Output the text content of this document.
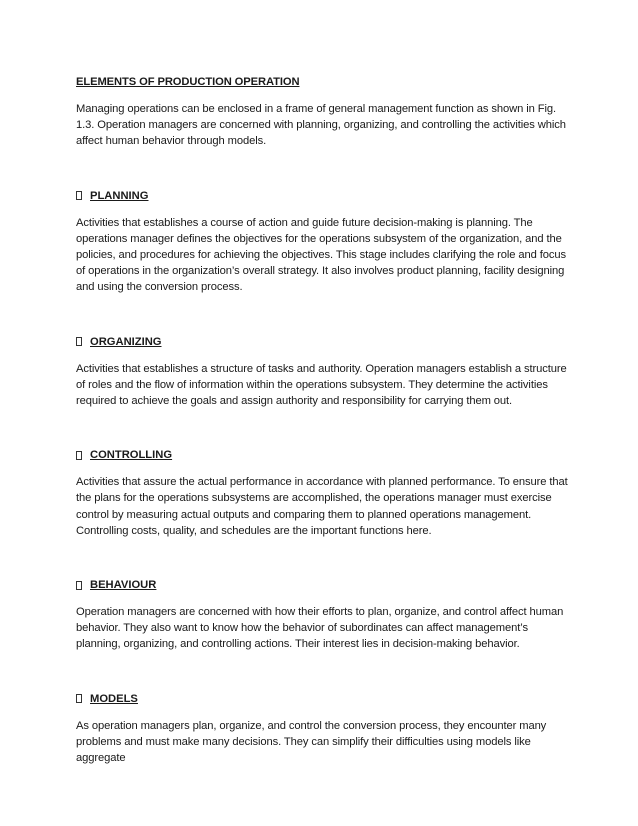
ELEMENTS OF PRODUCTION OPERATION

Managing operations can be enclosed in a frame of general management function as shown in Fig. 1.3. Operation managers are concerned with planning, organizing, and controlling the activities which affect human behavior through models.

PLANNING

Activities that establishes a course of action and guide future decision-making is planning. The operations manager defines the objectives for the operations subsystem of the organization, and the policies, and procedures for achieving the objectives. This stage includes clarifying the role and focus of operations in the organization’s overall strategy. It also involves product planning, facility designing and using the conversion process.

ORGANIZING

Activities that establishes a structure of tasks and authority. Operation managers establish a structure of roles and the flow of information within the operations subsystem. They determine the activities required to achieve the goals and assign authority and responsibility for carrying them out.

CONTROLLING

Activities that assure the actual performance in accordance with planned performance. To ensure that the plans for the operations subsystems are accomplished, the operations manager must exercise control by measuring actual outputs and comparing them to planned operations management. Controlling costs, quality, and schedules are the important functions here.

BEHAVIOUR

Operation managers are concerned with how their efforts to plan, organize, and control affect human behavior. They also want to know how the behavior of subordinates can affect management’s planning, organizing, and controlling actions. Their interest lies in decision-making behavior.

MODELS

As operation managers plan, organize, and control the conversion process, they encounter many problems and must make many decisions. They can simplify their difficulties using models like aggregate
